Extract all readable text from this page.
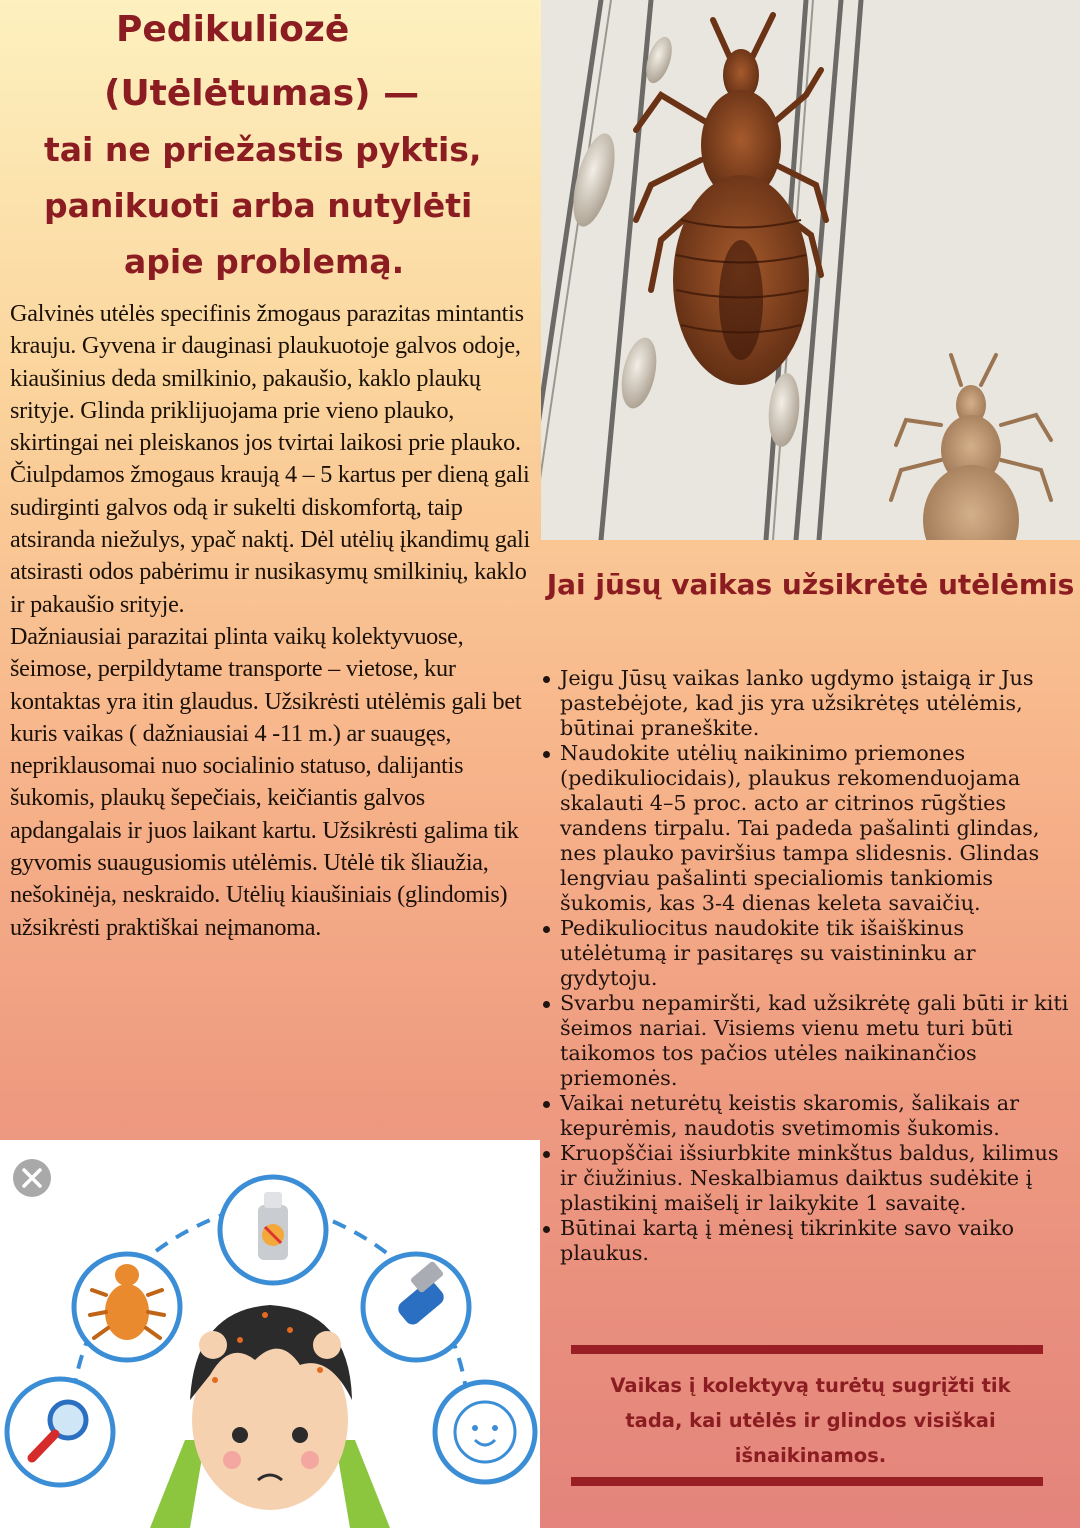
Pedikuliozė
(Utėlėtumas) —
tai ne priežastis pyktis,
panikuoti arba nutylėti
apie problemą.

Galvinės utėlės specifinis žmogaus parazitas mintantis krauju. Gyvena ir dauginasi plaukuotoje galvos odoje, kiaušinius deda smilkinio, pakaušio, kaklo plaukų srityje. Glinda priklijuojama prie vieno plauko, skirtingai nei pleiskanos jos tvirtai laikosi prie plauko.

Čiulpdamos žmogaus kraują 4 – 5 kartus per dieną gali sudirginti galvos odą ir sukelti diskomfortą, taip atsiranda niežulys, ypač naktį. Dėl utėlių įkandimų gali atsirasti odos pabėrimu ir nusikasymų smilkinių, kaklo ir pakaušio srityje.

Dažniausiai parazitai plinta vaikų kolektyvuose, šeimose, perpildytame transporte – vietose, kur kontaktas yra itin glaudus. Užsikrėsti utėlėmis gali bet kuris vaikas ( dažniausiai 4 -11 m.) ar suaugęs, nepriklausomai nuo socialinio statuso, dalijantis šukomis, plaukų šepečiais, keičiantis galvos apdangalais ir juos laikant kartu. Užsikrėsti galima tik gyvomis suaugusiomis utėlėmis. Utėlė tik šliaužia, nešokinėja, neskraido. Utėlių kiaušiniais (glindomis) užsikrėsti praktiškai neįmanoma.

Jai jūsų vaikas užsikrėtė utėlėmis
Jeigu Jūsų vaikas lanko ugdymo įstaigą ir Jus pastebėjote, kad jis yra užsikrėtęs utėlėmis, būtinai praneškite.
Naudokite utėlių naikinimo priemones (pedikuliocidais), plaukus rekomenduojama skalauti 4–5 proc. acto ar citrinos rūgšties vandens tirpalu. Tai padeda pašalinti glindas, nes plauko paviršius tampa slidesnis. Glindas lengviau pašalinti specialiomis tankiomis šukomis, kas 3-4 dienas keleta savaičių.
Pedikuliocitus naudokite tik išaiškinus utėlėtumą ir pasitaręs su vaistininku ar gydytoju.
Svarbu nepamiršti, kad užsikrėtę gali būti ir kiti šeimos nariai. Visiems vienu metu turi būti taikomos tos pačios utėles naikinančios priemonės.
Vaikai neturėtų keistis skaromis, šalikais ar kepurėmis, naudotis svetimomis šukomis.
Kruopščiai išsiurbkite minkštus baldus, kilimus ir čiužinius. Neskalbiamus daiktus sudėkite į plastikinį maišelį ir laikykite 1 savaitę.
Būtinai kartą į mėnesį tikrinkite savo vaiko plaukus.
Vaikas į kolektyvą turėtų sugrįžti tik
tada, kai utėlės ir glindos visiškai
išnaikinamos.
